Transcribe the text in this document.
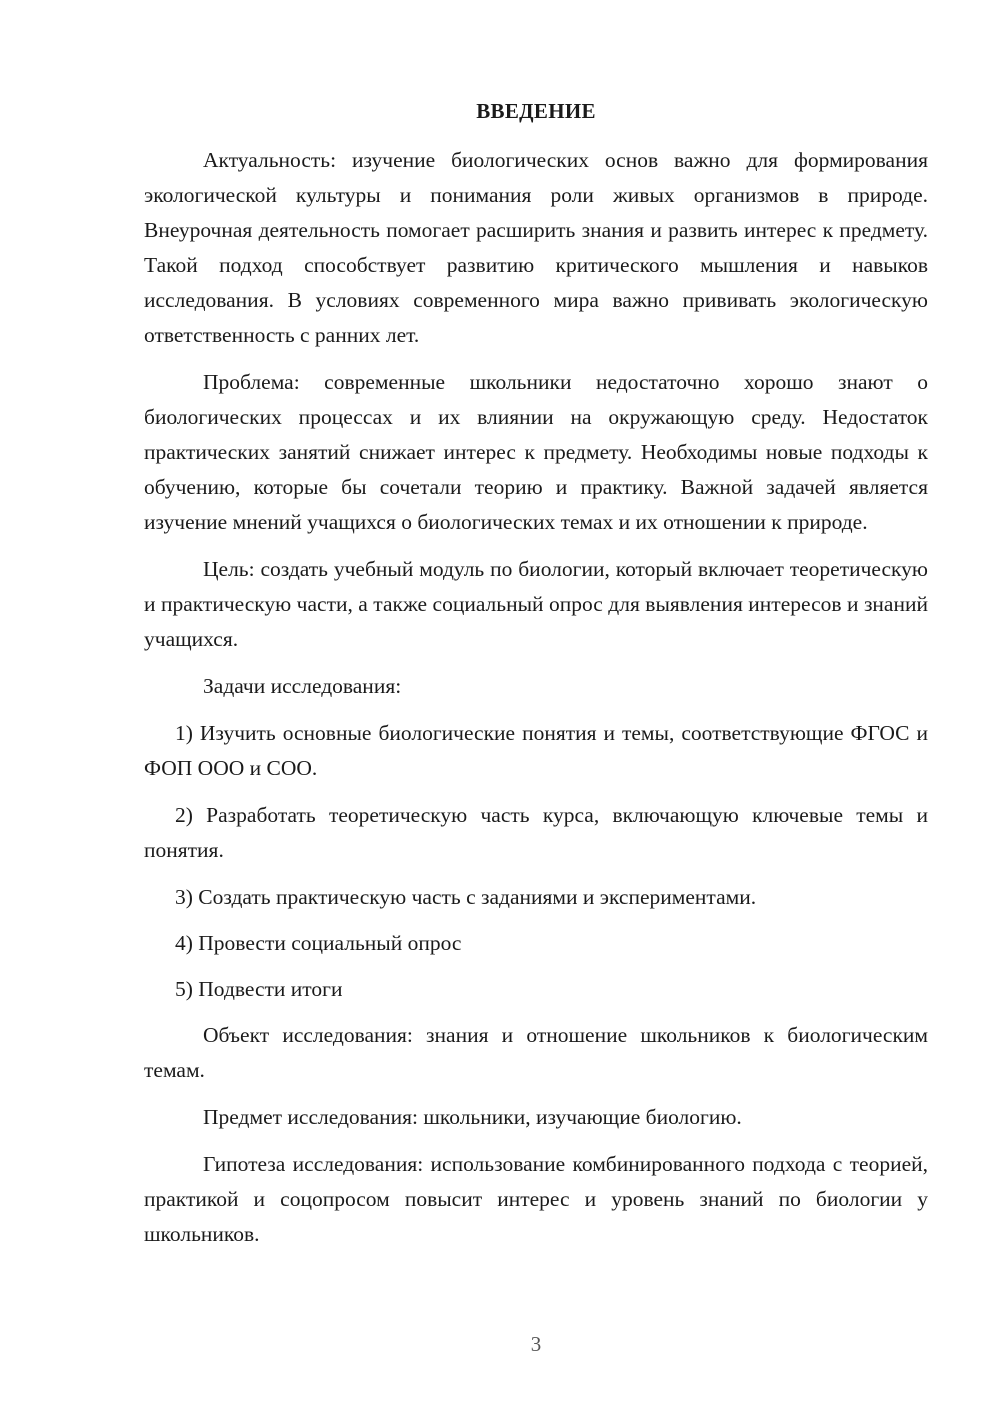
ВВЕДЕНИЕ

Актуальность: изучение биологических основ важно для формирования экологической культуры и понимания роли живых организмов в природе. Внеурочная деятельность помогает расширить знания и развить интерес к предмету. Такой подход способствует развитию критического мышления и навыков исследования. В условиях современного мира важно прививать экологическую ответственность с ранних лет.

Проблема: современные школьники недостаточно хорошо знают о биологических процессах и их влиянии на окружающую среду. Недостаток практических занятий снижает интерес к предмету. Необходимы новые подходы к обучению, которые бы сочетали теорию и практику. Важной задачей является изучение мнений учащихся о биологических темах и их отношении к природе.

Цель: создать учебный модуль по биологии, который включает теоретическую и практическую части, а также социальный опрос для выявления интересов и знаний учащихся.

Задачи исследования:

1) Изучить основные биологические понятия и темы, соответствующие ФГОС и ФОП ООО и СОО.

2) Разработать теоретическую часть курса, включающую ключевые темы и понятия.

3) Создать практическую часть с заданиями и экспериментами.

4) Провести социальный опрос

5) Подвести итоги

Объект исследования: знания и отношение школьников к биологическим темам.

Предмет исследования: школьники, изучающие биологию.

Гипотеза исследования: использование комбинированного подхода с теорией, практикой и соцопросом повысит интерес и уровень знаний по биологии у школьников.

3
